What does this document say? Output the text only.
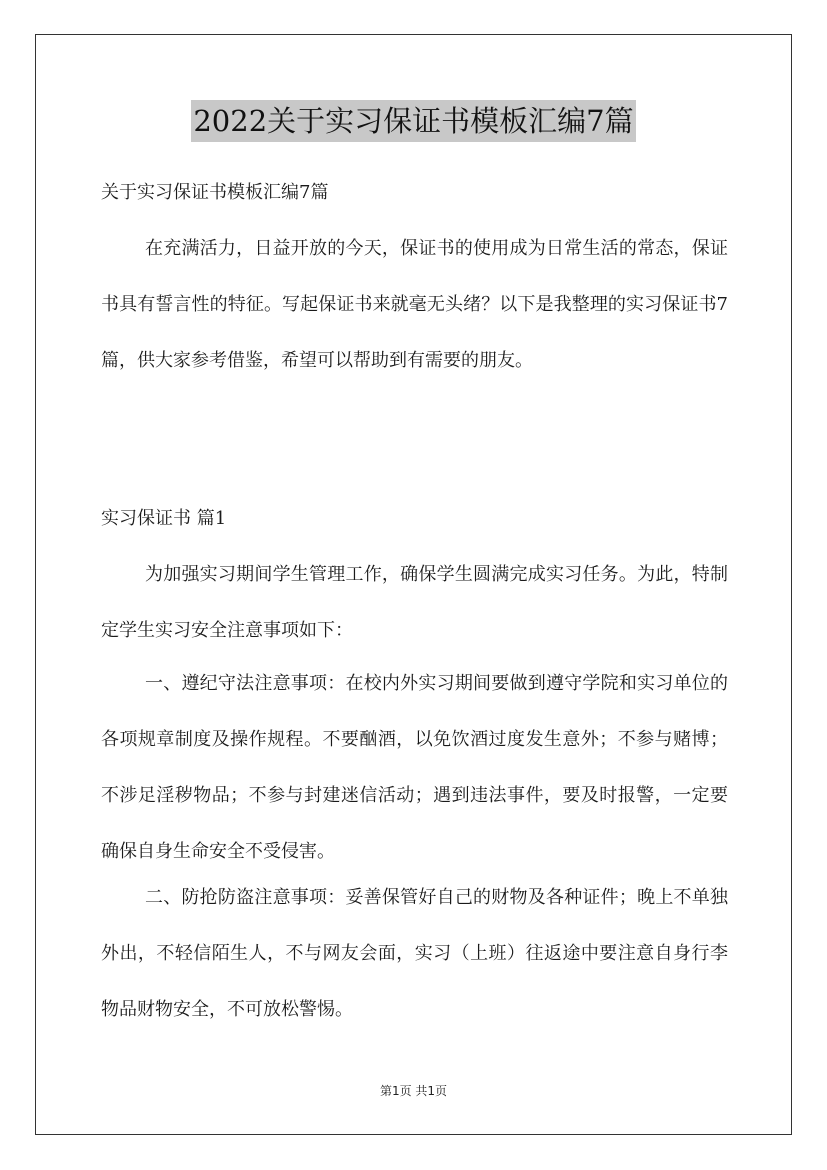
2022关于实习保证书模板汇编7篇

关于实习保证书模板汇编7篇

在充满活力，日益开放的今天，保证书的使用成为日常生活的常态，保证书具有誓言性的特征。写起保证书来就毫无头绪？以下是我整理的实习保证书7篇，供大家参考借鉴，希望可以帮助到有需要的朋友。

实习保证书 篇1

为加强实习期间学生管理工作，确保学生圆满完成实习任务。为此，特制定学生实习安全注意事项如下：

一、遵纪守法注意事项：在校内外实习期间要做到遵守学院和实习单位的各项规章制度及操作规程。不要酗酒，以免饮酒过度发生意外；不参与赌博；不涉足淫秽物品；不参与封建迷信活动；遇到违法事件，要及时报警，一定要确保自身生命安全不受侵害。

二、防抢防盗注意事项：妥善保管好自己的财物及各种证件；晚上不单独外出，不轻信陌生人，不与网友会面，实习（上班）往返途中要注意自身行李物品财物安全，不可放松警惕。

第1页 共1页
